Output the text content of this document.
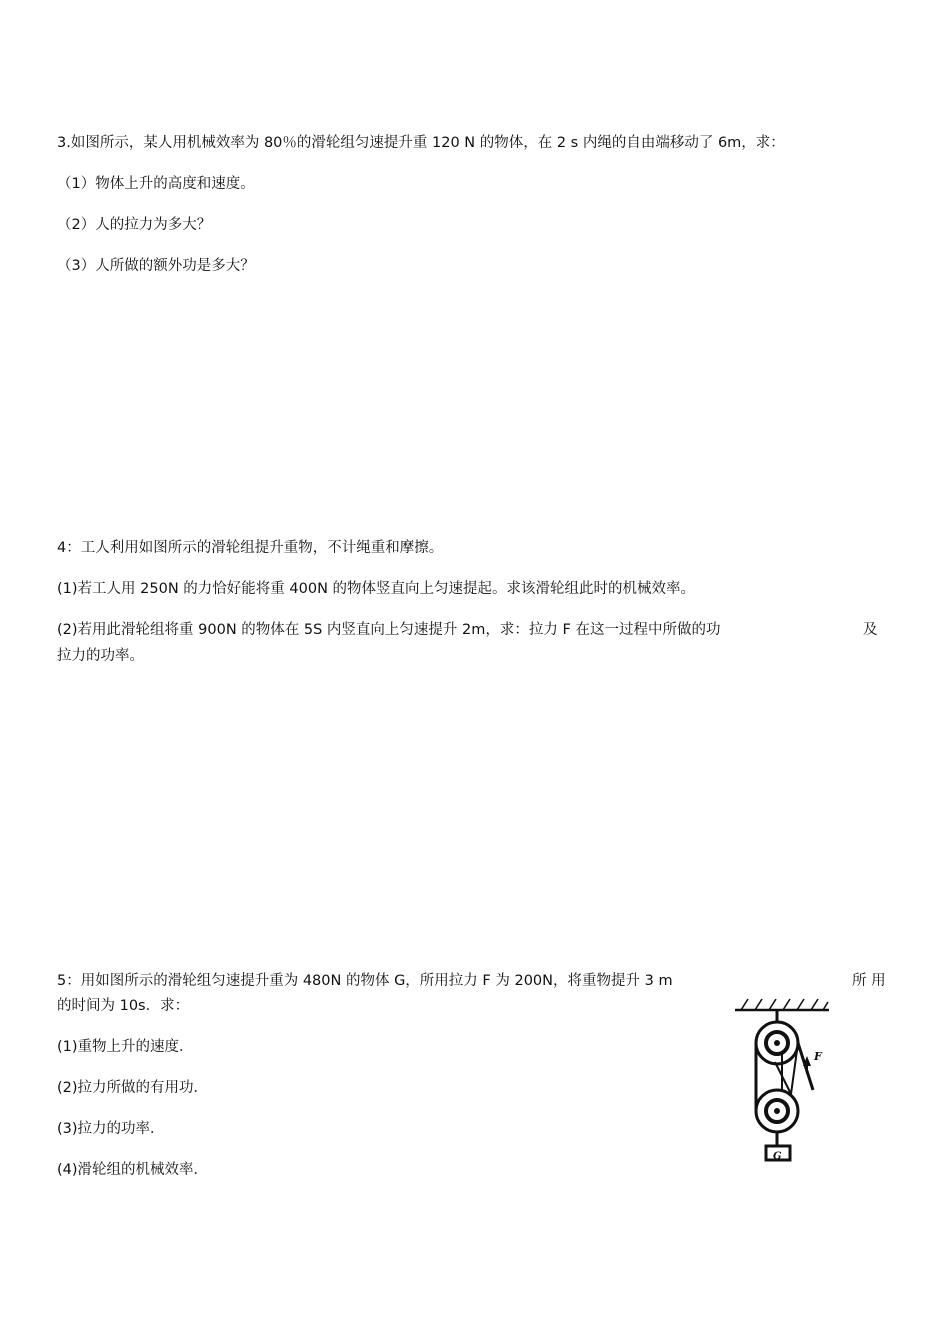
3.如图所示，某人用机械效率为 80％的滑轮组匀速提升重 120 N 的物体，在 2 s 内绳的自由端移动了 6m，求：
（1）物体上升的高度和速度。
（2）人的拉力为多大？
（3）人所做的额外功是多大？
4：工人利用如图所示的滑轮组提升重物，不计绳重和摩擦。
(1)若工人用 250N 的力恰好能将重 400N 的物体竖直向上匀速提起。求该滑轮组此时的机械效率。
(2)若用此滑轮组将重 900N 的物体在 5S 内竖直向上匀速提升 2m，求：拉力 F 在这一过程中所做的功	及
拉力的功率。
5：用如图所示的滑轮组匀速提升重为 480N 的物体 G，所用拉力 F 为 200N，将重物提升 3 m	所 用
的时间为 10s．求：
(1)重物上升的速度．
(2)拉力所做的有用功．
(3)拉力的功率．
(4)滑轮组的机械效率．
F
G
